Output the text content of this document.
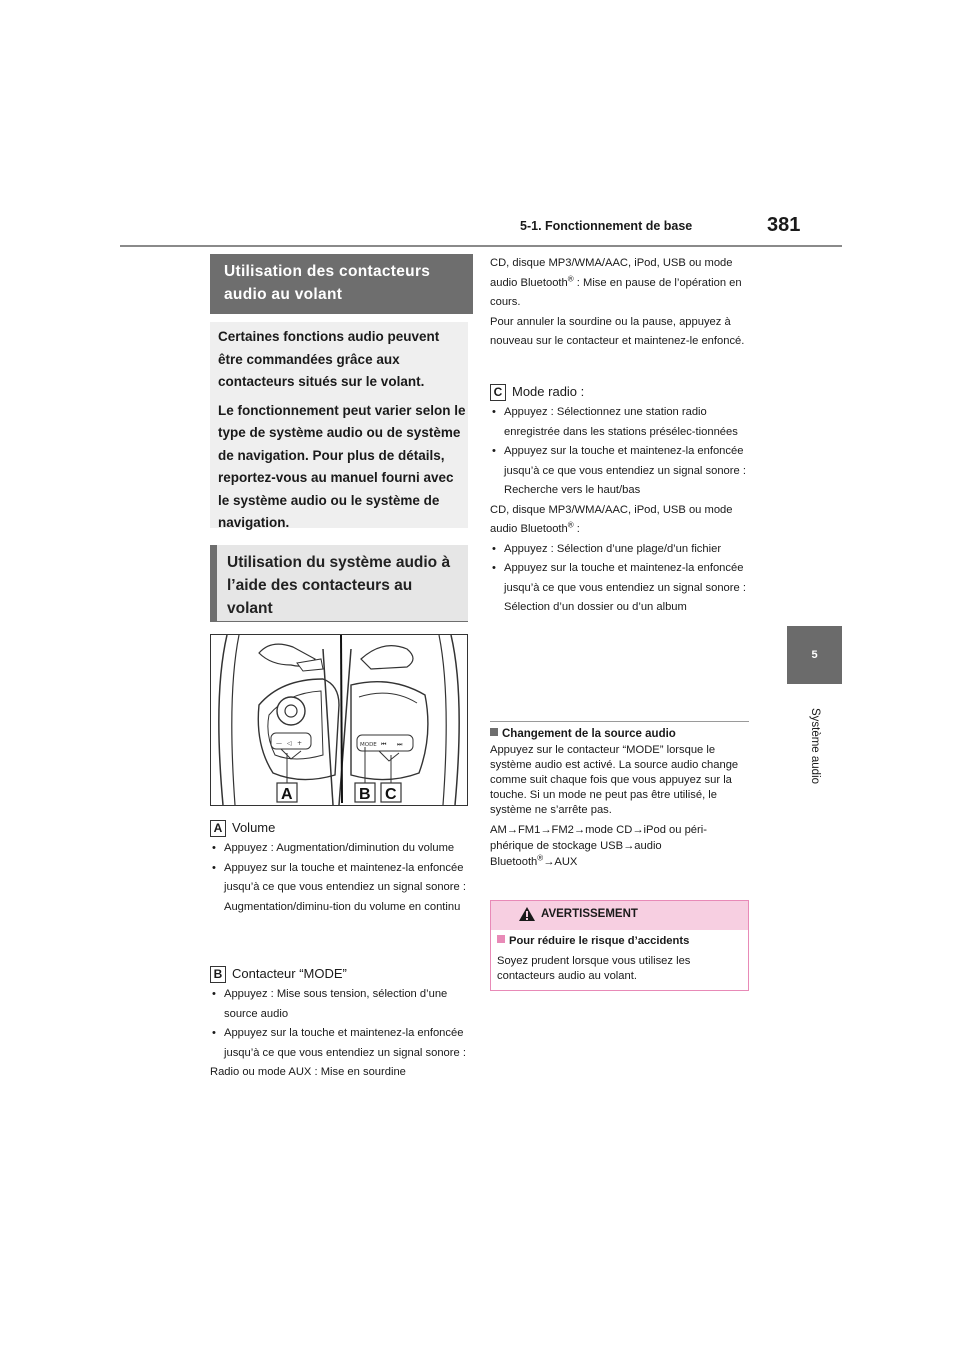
5-1. Fonctionnement de base	381
5
Système audio
Utilisation des contacteurs audio au volant

Certaines fonctions audio peuvent être commandées grâce aux contacteurs situés sur le volant.

Le fonctionnement peut varier selon le type de système audio ou de système de navigation. Pour plus de détails, reportez-vous au manuel fourni avec le système audio ou le système de navigation.

Utilisation du système audio à l’aide des contacteurs au volant
— ◁ +	MODE ⏮ ⏭
A	B C
A Volume
• Appuyez : Augmentation/diminution du volume
• Appuyez sur la touche et maintenez-la enfoncée jusqu’à ce que vous entendiez un signal sonore : Augmentation/diminu-tion du volume en continu
B Contacteur “MODE”
• Appuyez : Mise sous tension, sélection d’une source audio
• Appuyez sur la touche et maintenez-la enfoncée jusqu’à ce que vous entendiez un signal sonore :
Radio ou mode AUX : Mise en sourdine
CD, disque MP3/WMA/AAC, iPod, USB ou mode audio Bluetooth® : Mise en pause de l’opération en cours.
Pour annuler la sourdine ou la pause, appuyez à nouveau sur le contacteur et maintenez-le enfoncé.
C Mode radio :
• Appuyez : Sélectionnez une station radio enregistrée dans les stations présélec-tionnées
• Appuyez sur la touche et maintenez-la enfoncée jusqu’à ce que vous entendiez un signal sonore : Recherche vers le haut/bas
CD, disque MP3/WMA/AAC, iPod, USB ou mode audio Bluetooth® :
• Appuyez : Sélection d’une plage/d’un fichier
• Appuyez sur la touche et maintenez-la enfoncée jusqu’à ce que vous entendiez un signal sonore : Sélection d’un dossier ou d’un album
Changement de la source audio
Appuyez sur le contacteur “MODE” lorsque le système audio est activé. La source audio change comme suit chaque fois que vous appuyez sur la touche. Si un mode ne peut pas être utilisé, le système ne s’arrête pas.
AM→FM1→FM2→mode CD→iPod ou péri-phérique de stockage USB→audio Bluetooth®→AUX
AVERTISSEMENT
Pour réduire le risque d’accidents
Soyez prudent lorsque vous utilisez les contacteurs audio au volant.
